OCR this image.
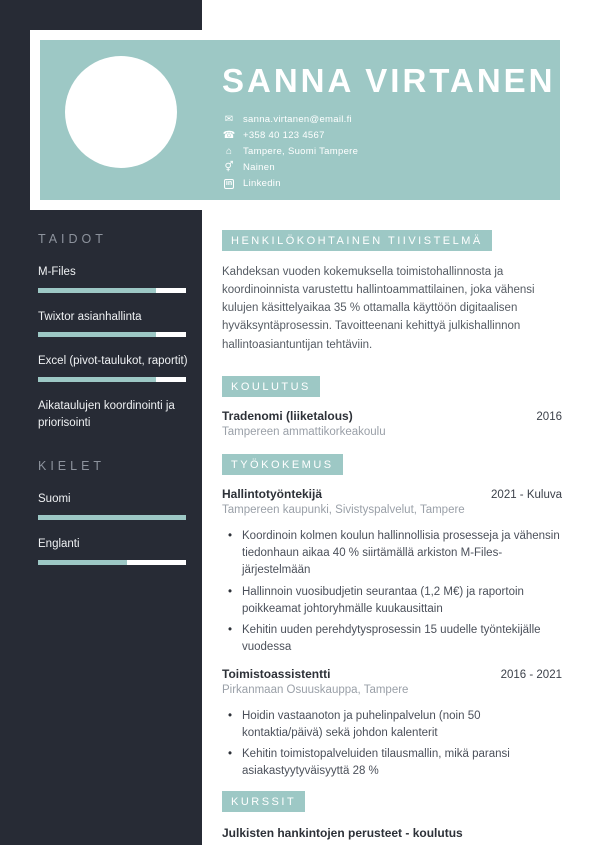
TAIDOT
M-Files
Twixtor asianhallinta
Excel (pivot-taulukot, raportit)
Aikataulujen koordinointi ja priorisointi
KIELET
Suomi
Englanti
SANNA VIRTANEN
✉ sanna.virtanen@email.fi
☎ +358 40 123 4567
⌂	Tampere, Suomi Tampere
⚥ Nainen
in Linkedin
HENKILÖKOHTAINEN TIIVISTELMÄ

Kahdeksan vuoden kokemuksella toimistohallinnosta ja koordinoinnista varustettu hallintoammattilainen, joka vähensi kulujen käsittelyaikaa 35 % ottamalla käyttöön digitaalisen hyväksyntäprosessin. Tavoitteenani kehittyä julkishallinnon hallintoasiantuntijan tehtäviin.

KOULUTUS
Tradenomi (liiketalous)	2016
Tampereen ammattikorkeakoulu
TYÖKOKEMUS
Hallintotyöntekijä	2021 - Kuluva
Tampereen kaupunki, Sivistyspalvelut, Tampere
• Koordinoin kolmen koulun hallinnollisia prosesseja ja vähensin tiedonhaun aikaa 40 % siirtämällä arkiston M-Files-järjestelmään
• Hallinnoin vuosibudjetin seurantaa (1,2 M€) ja raportoin poikkeamat johtoryhmälle kuukausittain
• Kehitin uuden perehdytysprosessin 15 uudelle työntekijälle vuodessa
Toimistoassistentti	2016 - 2021
Pirkanmaan Osuuskauppa, Tampere
• Hoidin vastaanoton ja puhelinpalvelun (noin 50 kontaktia/päivä) sekä johdon kalenterit
• Kehitin toimistopalveluiden tilausmallin, mikä paransi asiakastyytyväisyyttä 28 %
KURSSIT
Julkisten hankintojen perusteet - koulutus
